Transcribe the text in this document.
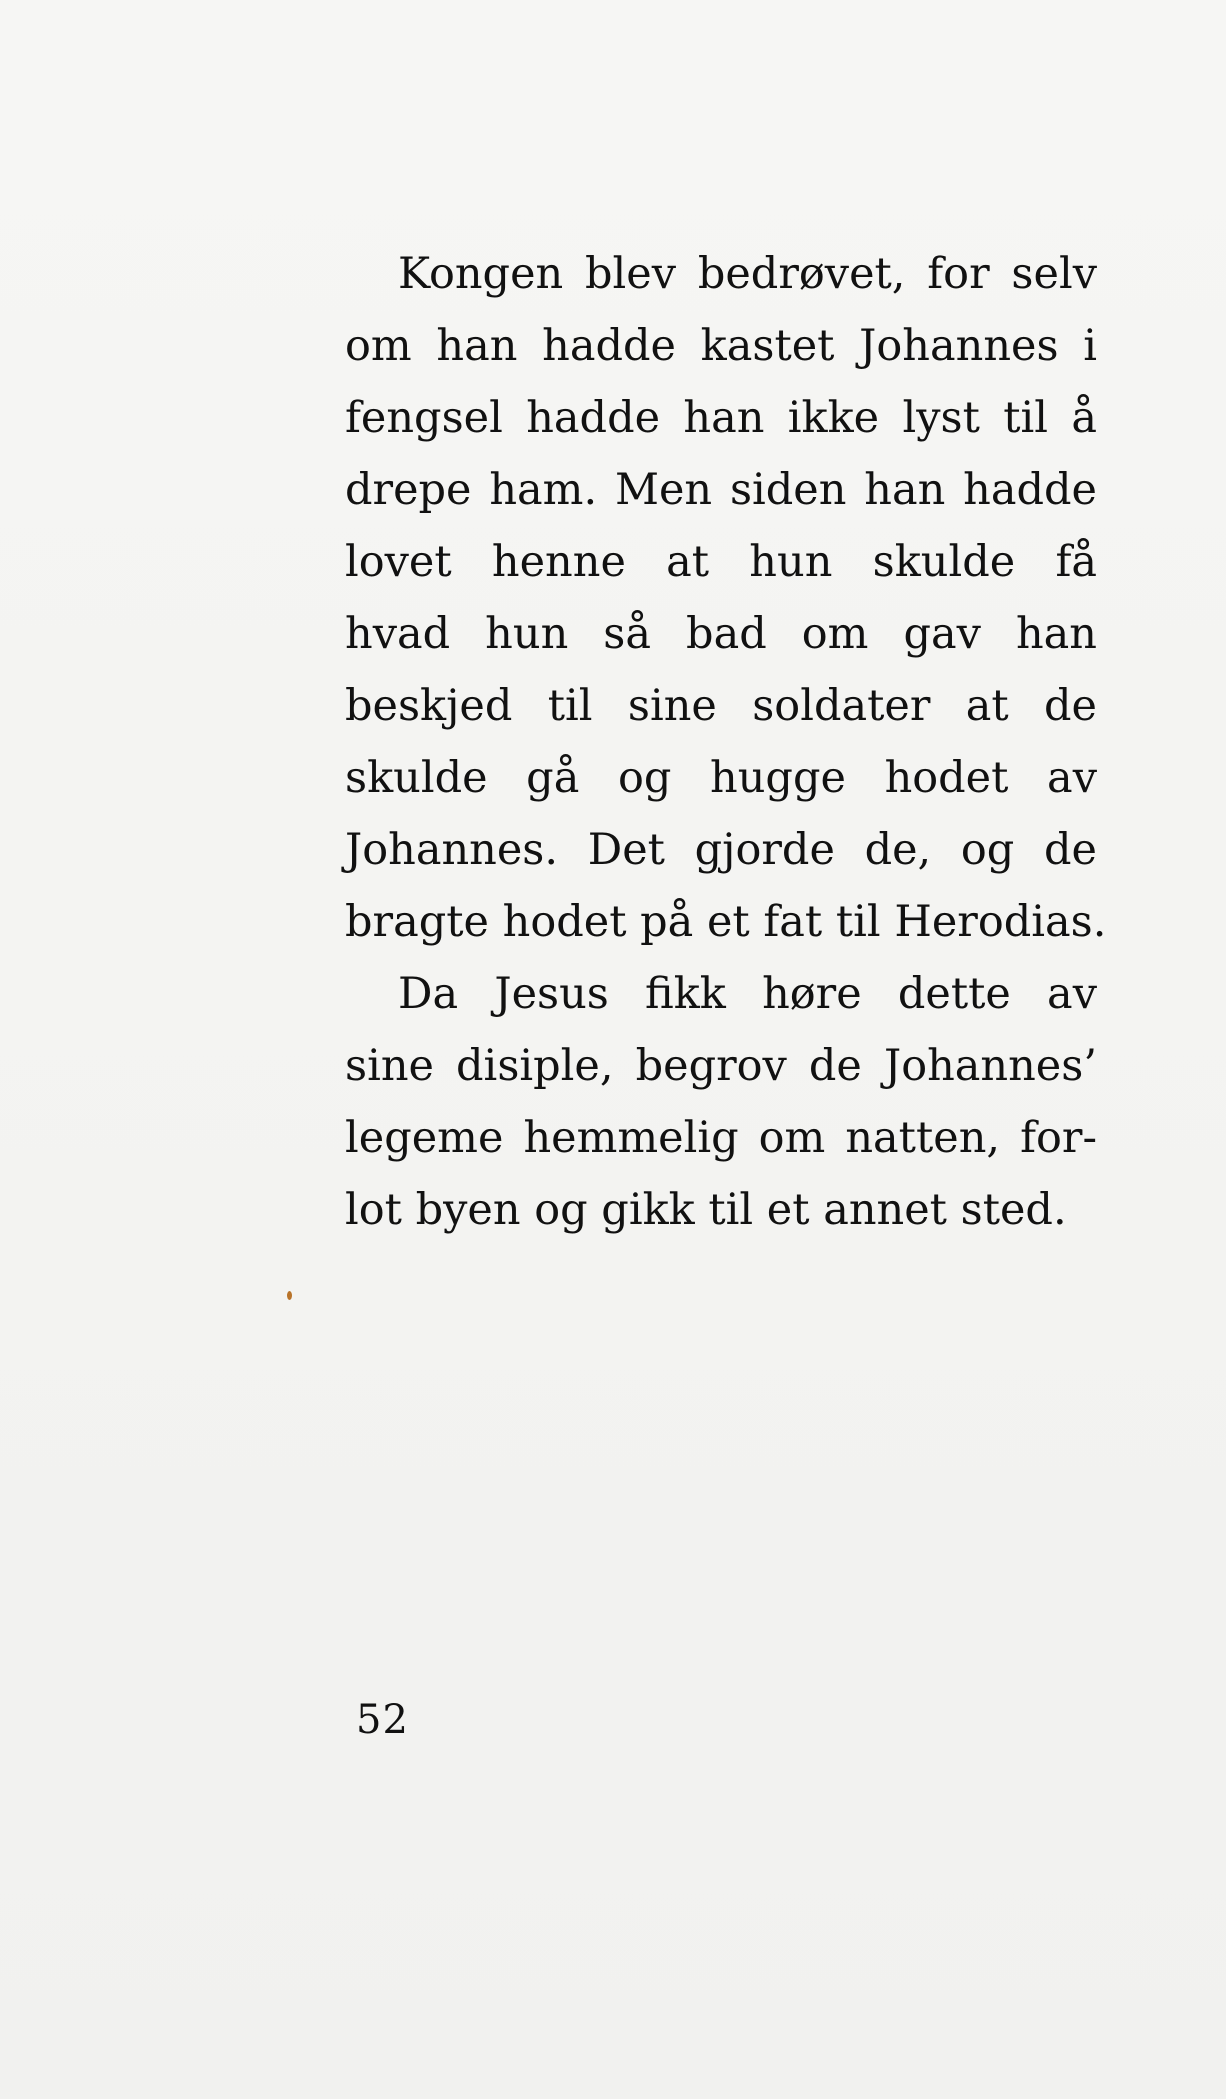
Kongen blev bedrøvet, for selv
om han hadde kastet Johannes i
fengsel hadde han ikke lyst til å
drepe ham. Men siden han hadde
lovet henne at hun skulde få
hvad hun så bad om gav han
beskjed til sine soldater at de
skulde gå og hugge hodet av
Johannes. Det gjorde de, og de
bragte hodet på et fat til Herodias.
Da Jesus fikk høre dette av
sine disiple, begrov de Johannes’
legeme hemmelig om natten, for-
lot byen og gikk til et annet sted.
52
